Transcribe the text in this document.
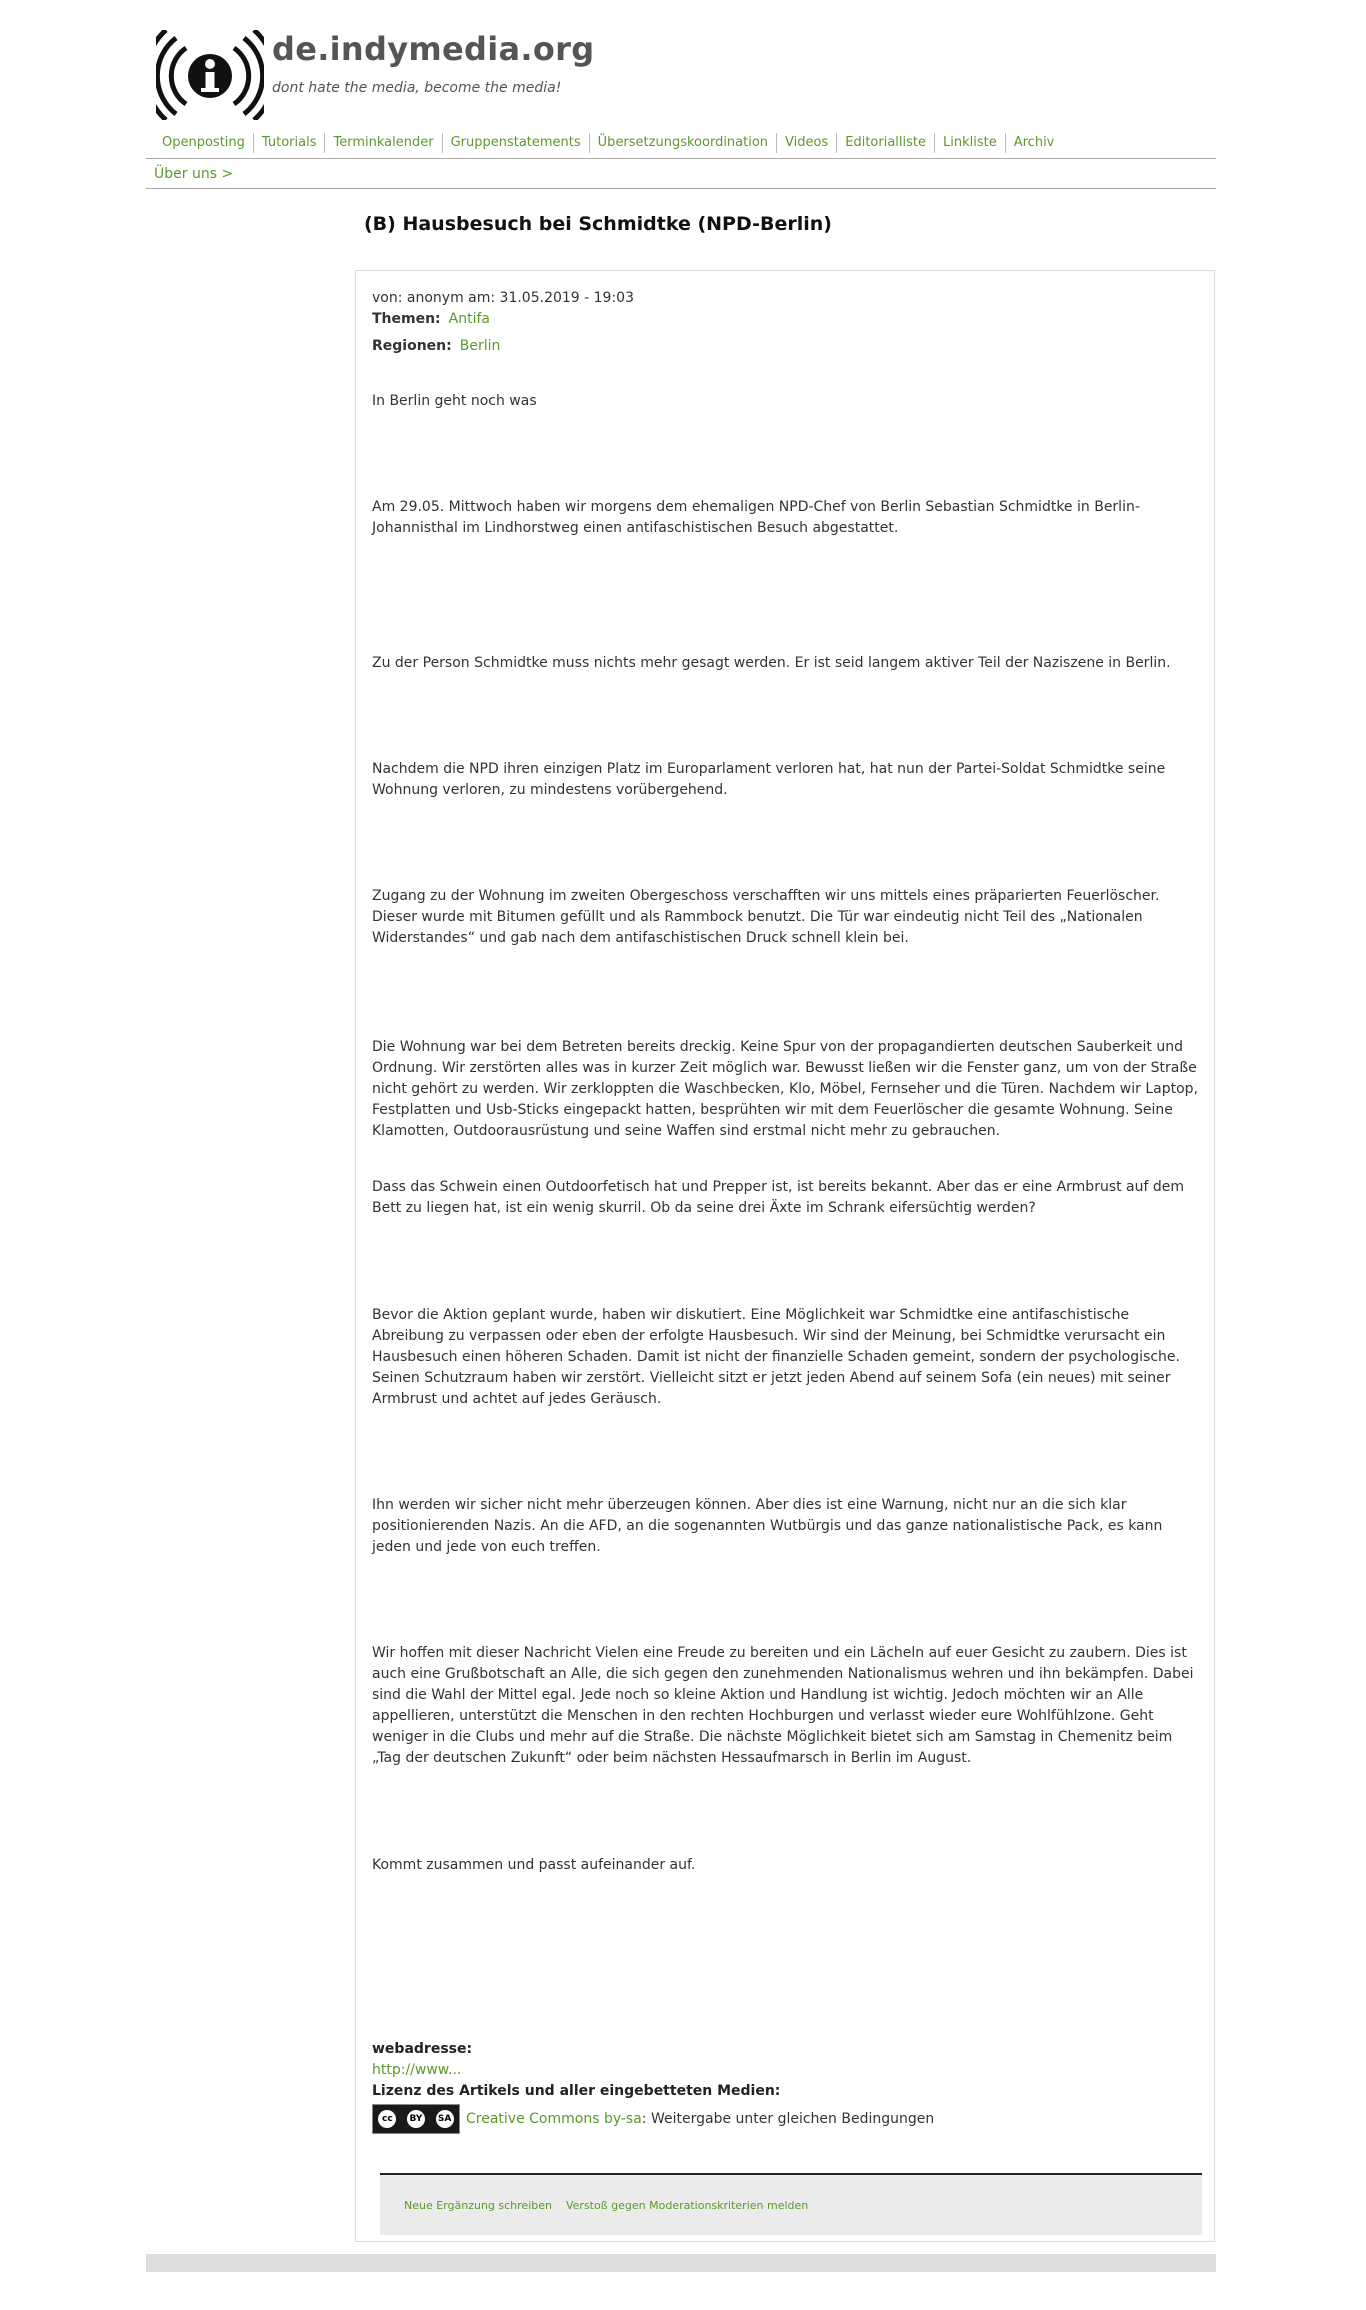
de.indymedia.org
dont hate the media, become the media!
Openposting	Tutorials	Terminkalender	Gruppenstatements	Übersetzungskoordination	Videos	Editorialliste	Linkliste	Archiv
Über uns >
(B) Hausbesuch bei Schmidtke (NPD-Berlin)
von: anonym am: 31.05.2019 - 19:03
Themen: Antifa
Regionen: Berlin
In Berlin geht noch was
Am 29.05. Mittwoch haben wir morgens dem ehemaligen NPD-Chef von Berlin Sebastian Schmidtke in Berlin-Johannisthal im Lindhorstweg einen antifaschistischen Besuch abgestattet.
Zu der Person Schmidtke muss nichts mehr gesagt werden. Er ist seid langem aktiver Teil der Naziszene in Berlin.
Nachdem die NPD ihren einzigen Platz im Europarlament verloren hat, hat nun der Partei-Soldat Schmidtke seine Wohnung verloren, zu mindestens vorübergehend.
Zugang zu der Wohnung im zweiten Obergeschoss verschafften wir uns mittels eines präparierten Feuerlöscher. Dieser wurde mit Bitumen gefüllt und als Rammbock benutzt. Die Tür war eindeutig nicht Teil des „Nationalen Widerstandes“ und gab nach dem antifaschistischen Druck schnell klein bei.
Die Wohnung war bei dem Betreten bereits dreckig. Keine Spur von der propagandierten deutschen Sauberkeit und Ordnung. Wir zerstörten alles was in kurzer Zeit möglich war. Bewusst ließen wir die Fenster ganz, um von der Straße nicht gehört zu werden. Wir zerkloppten die Waschbecken, Klo, Möbel, Fernseher und die Türen. Nachdem wir Laptop, Festplatten und Usb-Sticks eingepackt hatten, besprühten wir mit dem Feuerlöscher die gesamte Wohnung. Seine Klamotten, Outdoorausrüstung und seine Waffen sind erstmal nicht mehr zu gebrauchen.
Dass das Schwein einen Outdoorfetisch hat und Prepper ist, ist bereits bekannt. Aber das er eine Armbrust auf dem Bett zu liegen hat, ist ein wenig skurril. Ob da seine drei Äxte im Schrank eifersüchtig werden?
Bevor die Aktion geplant wurde, haben wir diskutiert. Eine Möglichkeit war Schmidtke eine antifaschistische Abreibung zu verpassen oder eben der erfolgte Hausbesuch. Wir sind der Meinung, bei Schmidtke verursacht ein Hausbesuch einen höheren Schaden. Damit ist nicht der finanzielle Schaden gemeint, sondern der psychologische. Seinen Schutzraum haben wir zerstört. Vielleicht sitzt er jetzt jeden Abend auf seinem Sofa (ein neues) mit seiner Armbrust und achtet auf jedes Geräusch.
Ihn werden wir sicher nicht mehr überzeugen können. Aber dies ist eine Warnung, nicht nur an die sich klar positionierenden Nazis. An die AFD, an die sogenannten Wutbürgis und das ganze nationalistische Pack, es kann jeden und jede von euch treffen.
Wir hoffen mit dieser Nachricht Vielen eine Freude zu bereiten und ein Lächeln auf euer Gesicht zu zaubern. Dies ist auch eine Grußbotschaft an Alle, die sich gegen den zunehmenden Nationalismus wehren und ihn bekämpfen. Dabei sind die Wahl der Mittel egal. Jede noch so kleine Aktion und Handlung ist wichtig. Jedoch möchten wir an Alle appellieren, unterstützt die Menschen in den rechten Hochburgen und verlasst wieder eure Wohlfühlzone. Geht weniger in die Clubs und mehr auf die Straße. Die nächste Möglichkeit bietet sich am Samstag in Chemenitz beim „Tag der deutschen Zukunft“ oder beim nächsten Hessaufmarsch in Berlin im August.
Kommt zusammen und passt aufeinander auf.
webadresse:
http://www...
Lizenz des Artikels und aller eingebetteten Medien:
cc	BY SA Creative Commons by-sa: Weitergabe unter gleichen Bedingungen
Neue Ergänzung schreiben Verstoß gegen Moderationskriterien melden
